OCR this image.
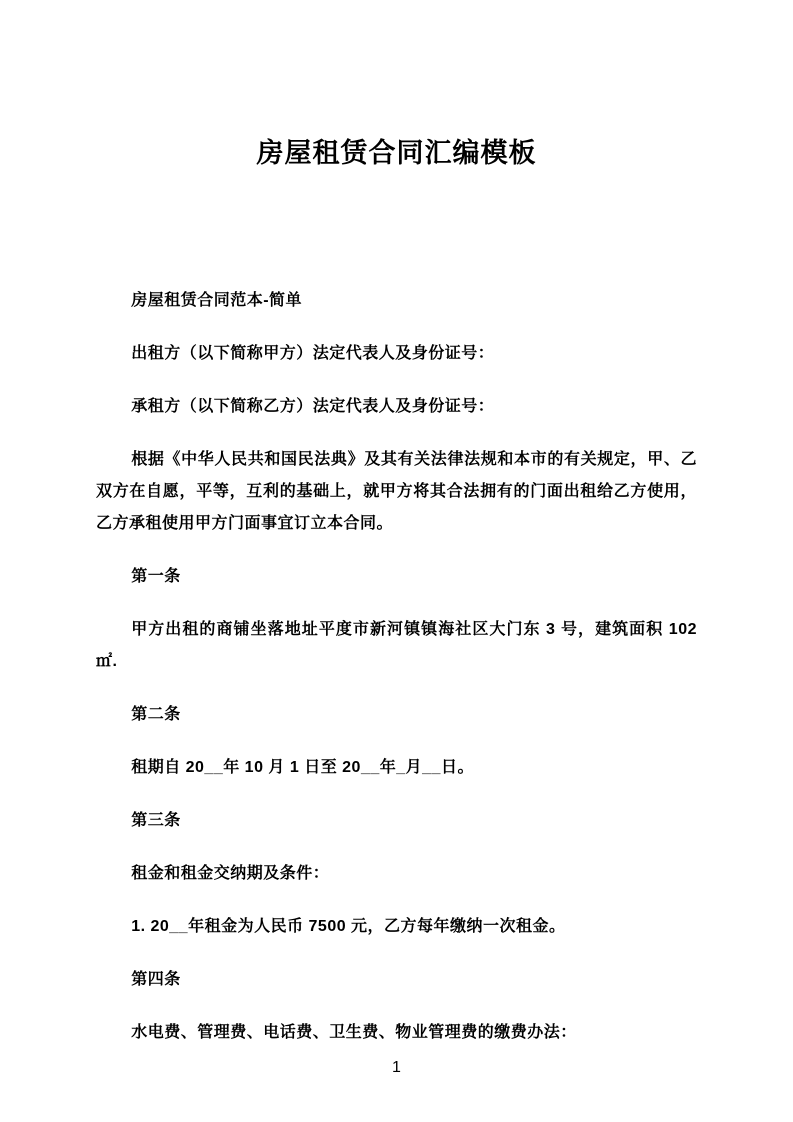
房屋租赁合同汇编模板

房屋租赁合同范本-简单

出租方（以下简称甲方）法定代表人及身份证号：

承租方（以下简称乙方）法定代表人及身份证号：

根据《中华人民共和国民法典》及其有关法律法规和本市的有关规定，甲、乙双方在自愿，平等，互利的基础上，就甲方将其合法拥有的门面出租给乙方使用，乙方承租使用甲方门面事宜订立本合同。

第一条

甲方出租的商铺坐落地址平度市新河镇镇海社区大门东 3 号，建筑面积 102 ㎡.

第二条

租期自 20__年 10 月 1 日至 20__年_月__日。

第三条

租金和租金交纳期及条件：

1. 20__年租金为人民币 7500 元，乙方每年缴纳一次租金。

第四条

水电费、管理费、电话费、卫生费、物业管理费的缴费办法：

1
